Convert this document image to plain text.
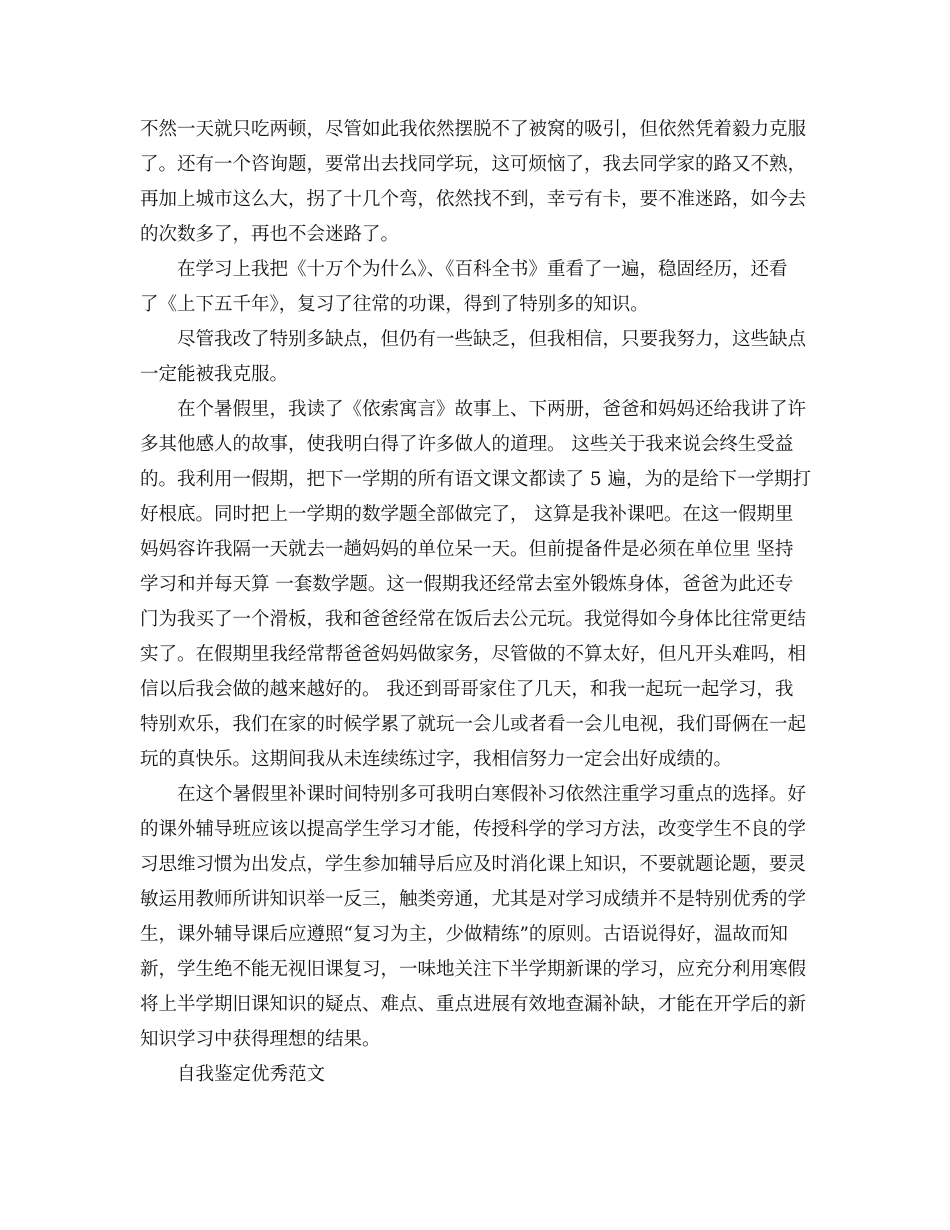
不然一天就只吃两顿，尽管如此我依然摆脱不了被窝的吸引，但依然凭着毅力克服
了。还有一个咨询题，要常出去找同学玩，这可烦恼了，我去同学家的路又不熟，
再加上城市这么大，拐了十几个弯，依然找不到，幸亏有卡，要不准迷路，如今去
的次数多了，再也不会迷路了。
在学习上我把《十万个为什么》、《百科全书》重看了一遍，稳固经历，还看
了《上下五千年》，复习了往常的功课，得到了特别多的知识。
尽管我改了特别多缺点，但仍有一些缺乏，但我相信，只要我努力，这些缺点
一定能被我克服。
在个暑假里，我读了《依索寓言》故事上、下两册，爸爸和妈妈还给我讲了许
多其他感人的故事，使我明白得了许多做人的道理。 这些关于我来说会终生受益
的。我利用一假期，把下一学期的所有语文课文都读了 5 遍，为的是给下一学期打
好根底。同时把上一学期的数学题全部做完了， 这算是我补课吧。在这一假期里
妈妈容许我隔一天就去一趟妈妈的单位呆一天。但前提备件是必须在单位里 坚持
学习和并每天算 一套数学题。这一假期我还经常去室外锻炼身体，爸爸为此还专
门为我买了一个滑板，我和爸爸经常在饭后去公元玩。我觉得如今身体比往常更结
实了。在假期里我经常帮爸爸妈妈做家务，尽管做的不算太好，但凡开头难吗，相
信以后我会做的越来越好的。 我还到哥哥家住了几天，和我一起玩一起学习，我
特别欢乐，我们在家的时候学累了就玩一会儿或者看一会儿电视，我们哥俩在一起
玩的真快乐。这期间我从未连续练过字，我相信努力一定会出好成绩的。
在这个暑假里补课时间特别多可我明白寒假补习依然注重学习重点的选择。好
的课外辅导班应该以提高学生学习才能，传授科学的学习方法，改变学生不良的学
习思维习惯为出发点，学生参加辅导后应及时消化课上知识，不要就题论题，要灵
敏运用教师所讲知识举一反三，触类旁通，尤其是对学习成绩并不是特别优秀的学
生，课外辅导课后应遵照“复习为主，少做精练”的原则。古语说得好，温故而知
新，学生绝不能无视旧课复习，一味地关注下半学期新课的学习，应充分利用寒假
将上半学期旧课知识的疑点、难点、重点进展有效地查漏补缺，才能在开学后的新
知识学习中获得理想的结果。
自我鉴定优秀范文
